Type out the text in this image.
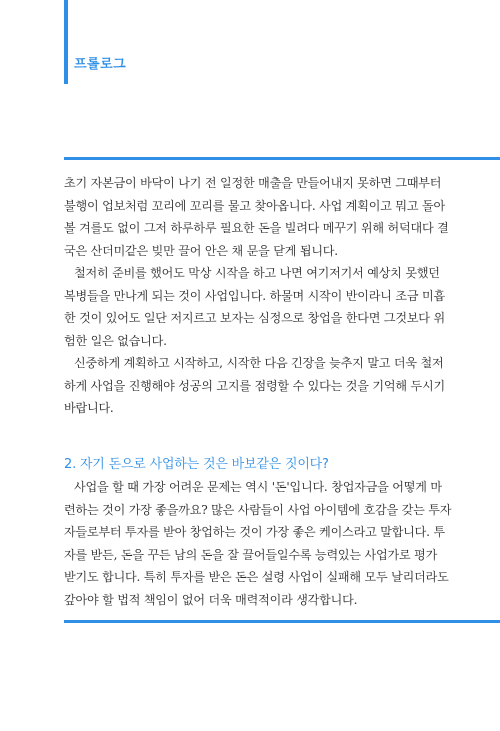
프롤로그
초기 자본금이 바닥이 나기 전 일정한 매출을 만들어내지 못하면 그때부터
불행이 업보처럼 꼬리에 꼬리를 물고 찾아옵니다. 사업 계획이고 뭐고 돌아
볼 겨를도 없이 그저 하루하루 필요한 돈을 빌려다 메꾸기 위해 허덕대다 결
국은 산더미같은 빚만 끌어 안은 채 문을 닫게 됩니다.
철저히 준비를 했어도 막상 시작을 하고 나면 여기저기서 예상치 못했던
복병들을 만나게 되는 것이 사업입니다. 하물며 시작이 반이라니 조금 미흡
한 것이 있어도 일단 저지르고 보자는 심정으로 창업을 한다면 그것보다 위
험한 일은 없습니다.
신중하게 계획하고 시작하고, 시작한 다음 긴장을 늦추지 말고 더욱 철저
하게 사업을 진행해야 성공의 고지를 점령할 수 있다는 것을 기억해 두시기
바랍니다.
2. 자기 돈으로 사업하는 것은 바보같은 짓이다?
사업을 할 때 가장 어려운 문제는 역시 '돈'입니다. 창업자금을 어떻게 마
련하는 것이 가장 좋을까요? 많은 사람들이 사업 아이템에 호감을 갖는 투자
자들로부터 투자를 받아 창업하는 것이 가장 좋은 케이스라고 말합니다. 투
자를 받든, 돈을 꾸든 남의 돈을 잘 끌어들일수록 능력있는 사업가로 평가
받기도 합니다. 특히 투자를 받은 돈은 설령 사업이 실패해 모두 날리더라도
갚아야 할 법적 책임이 없어 더욱 매력적이라 생각합니다.
